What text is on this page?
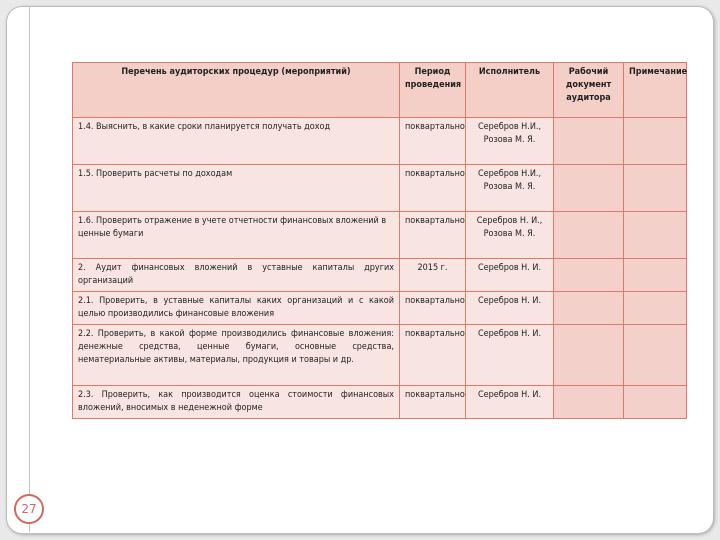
27
Перечень аудиторских процедур (мероприятий)	Период проведения	Исполнитель	Рабочий документ аудитора	Примечание
1.4. Выяснить, в какие сроки планируется получать доход	поквартально	Серебров Н.И., Розова М. Я.		
1.5. Проверить расчеты по доходам	поквартально	Серебров Н.И., Розова М. Я.		
1.6. Проверить отражение в учете отчетности финансовых вложений в ценные бумаги	поквартально	Серебров Н. И., Розова М. Я.		
2. Аудит финансовых вложений в уставные капиталы других организаций	2015 г.	Серебров Н. И.		
2.1. Проверить, в уставные капиталы каких организаций и с какой целью производились финансовые вложения	поквартально	Серебров Н. И.		
2.2. Проверить, в какой форме производились финансовые вложения: денежные средства, ценные бумаги, основные средства, нематериальные активы, материалы, продукция и товары и др.	поквартально	Серебров Н. И.		
2.3. Проверить, как производится оценка стоимости финансовых вложений, вносимых в неденежной форме	поквартально	Серебров Н. И.		
